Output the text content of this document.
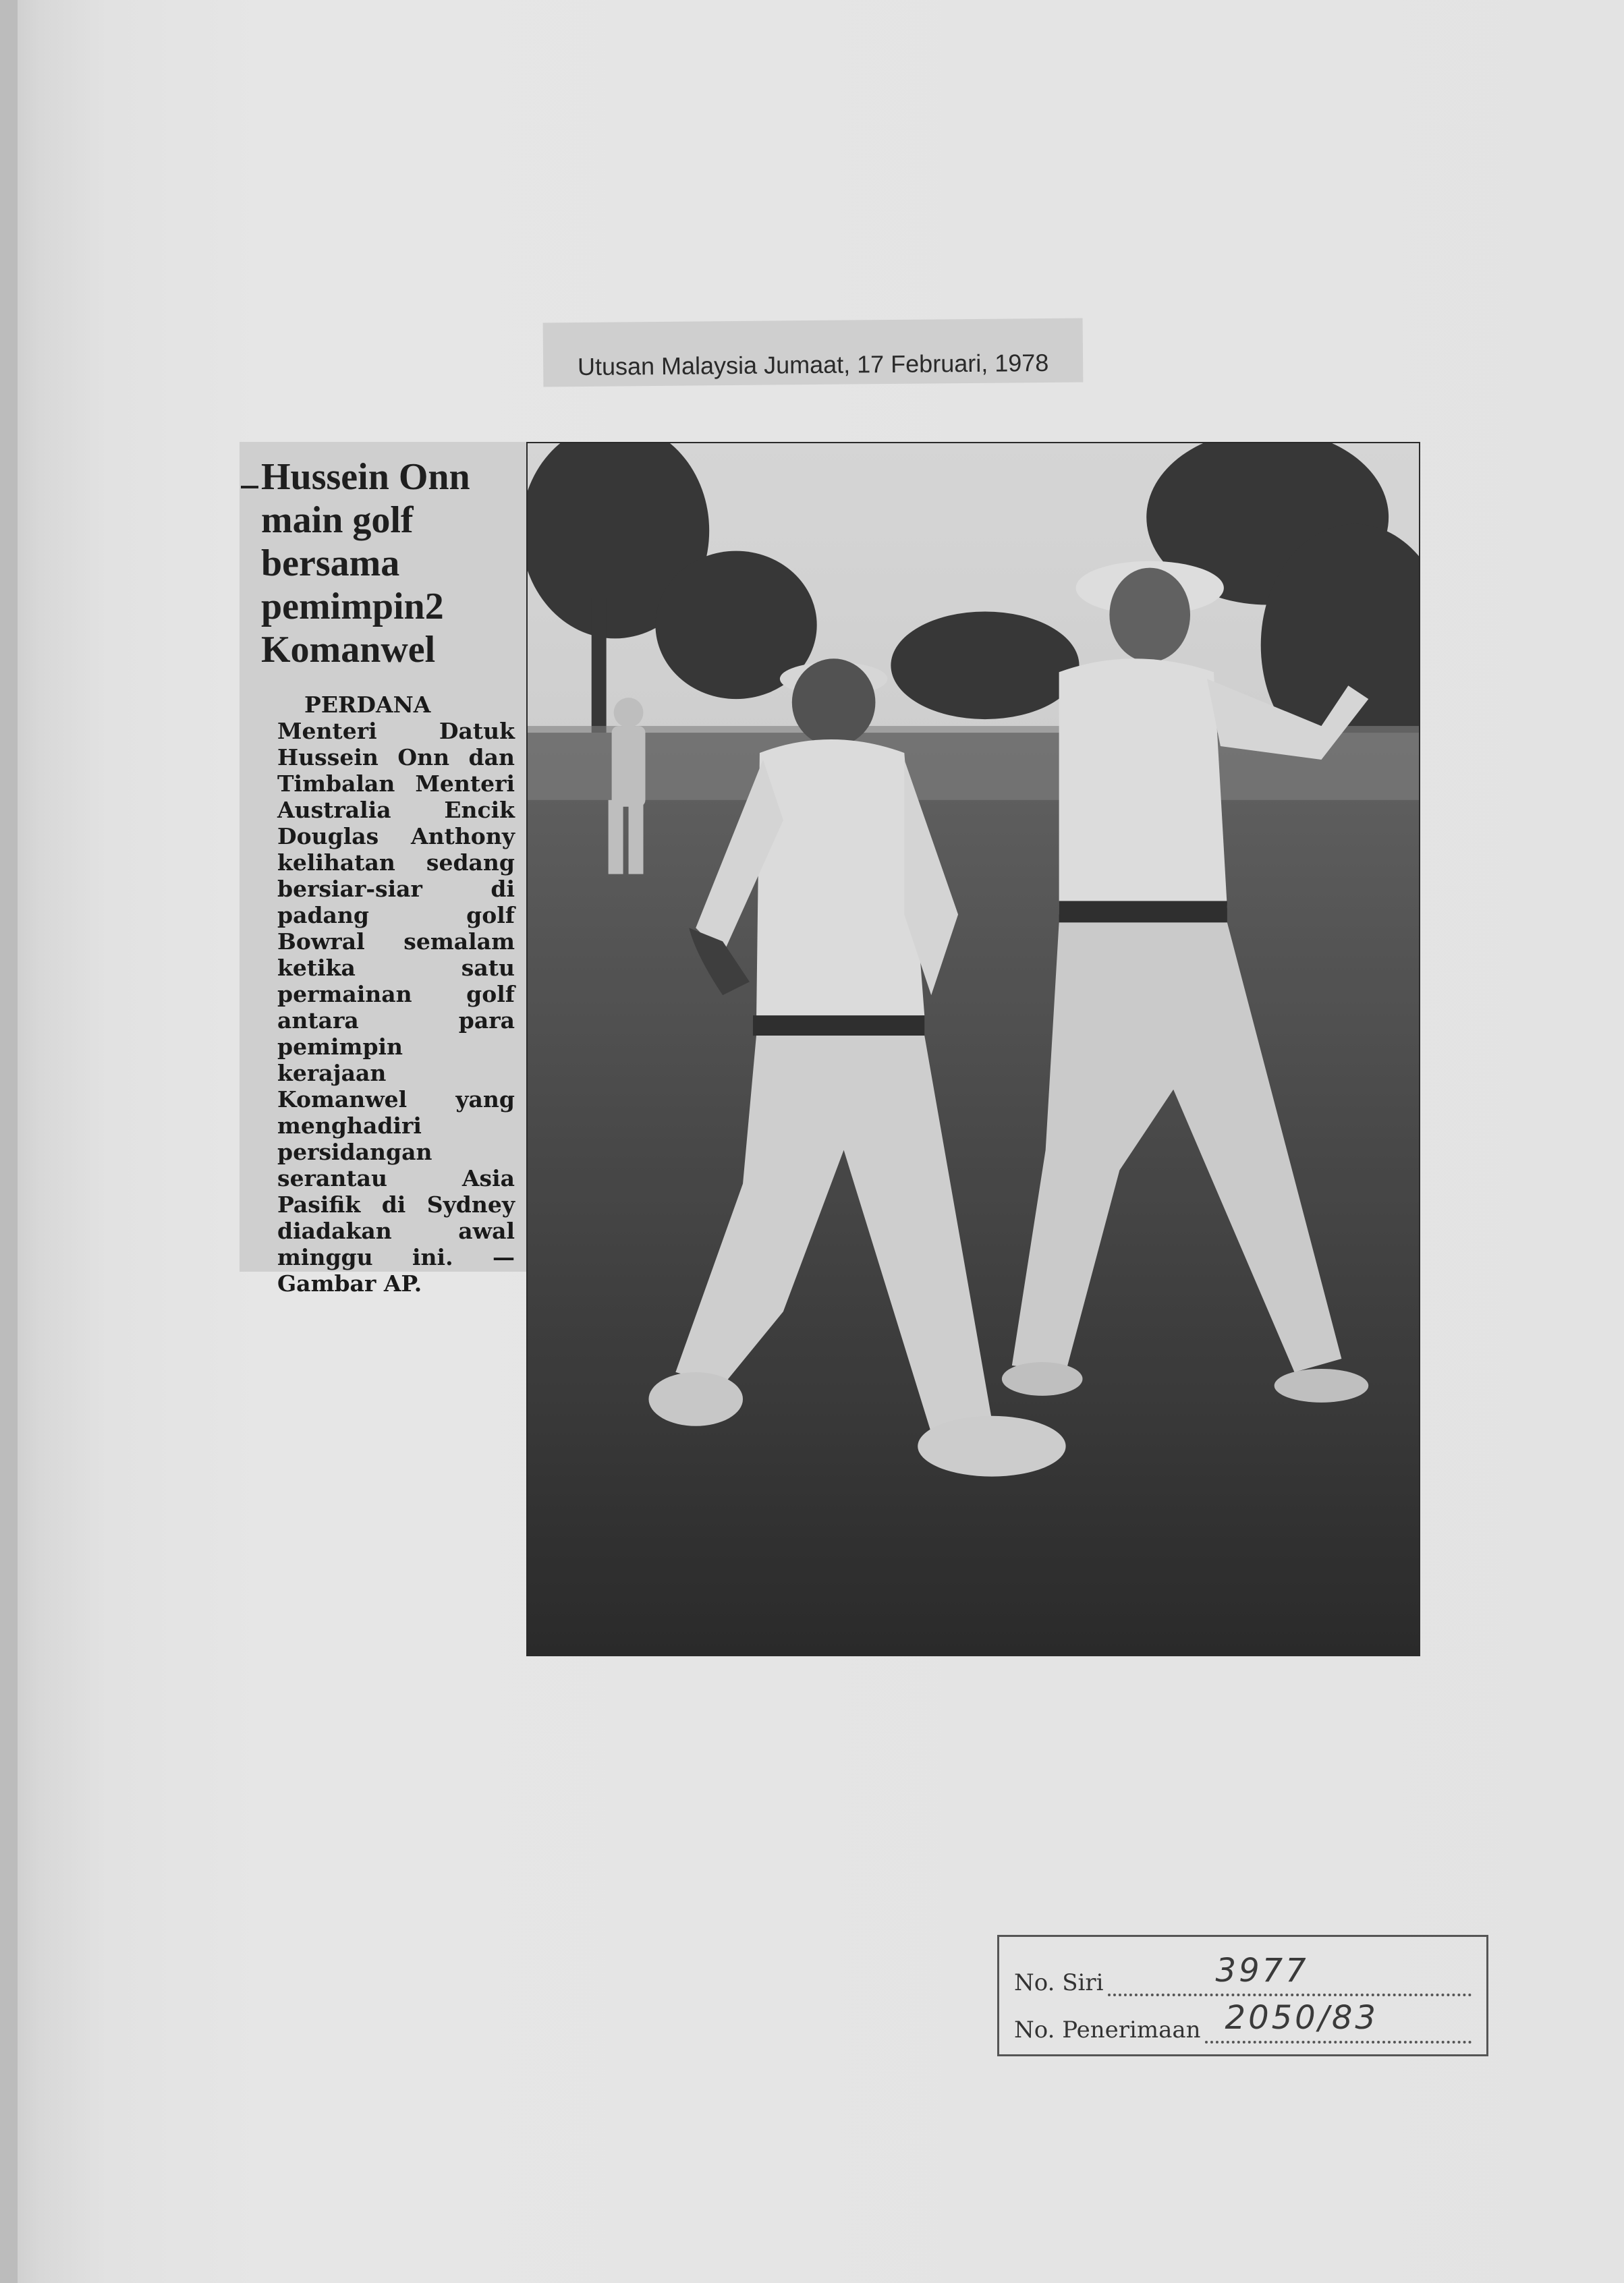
Utusan Malaysia Jumaat, 17 Februari, 1978
Hussein Onn
main golf
bersama
pemimpin2
Komanwel

PERDANA Menteri Datuk Hussein Onn dan Timbalan Menteri Australia Encik Douglas Anthony kelihatan sedang bersiar-siar di padang golf Bowral semalam ketika satu permainan golf antara para pemimpin kerajaan Komanwel yang menghadiri persidangan serantau Asia Pasifik di Sydney diadakan awal minggu ini. — Gambar AP.

No. Siri	3977
No. Penerimaan 2050/83
